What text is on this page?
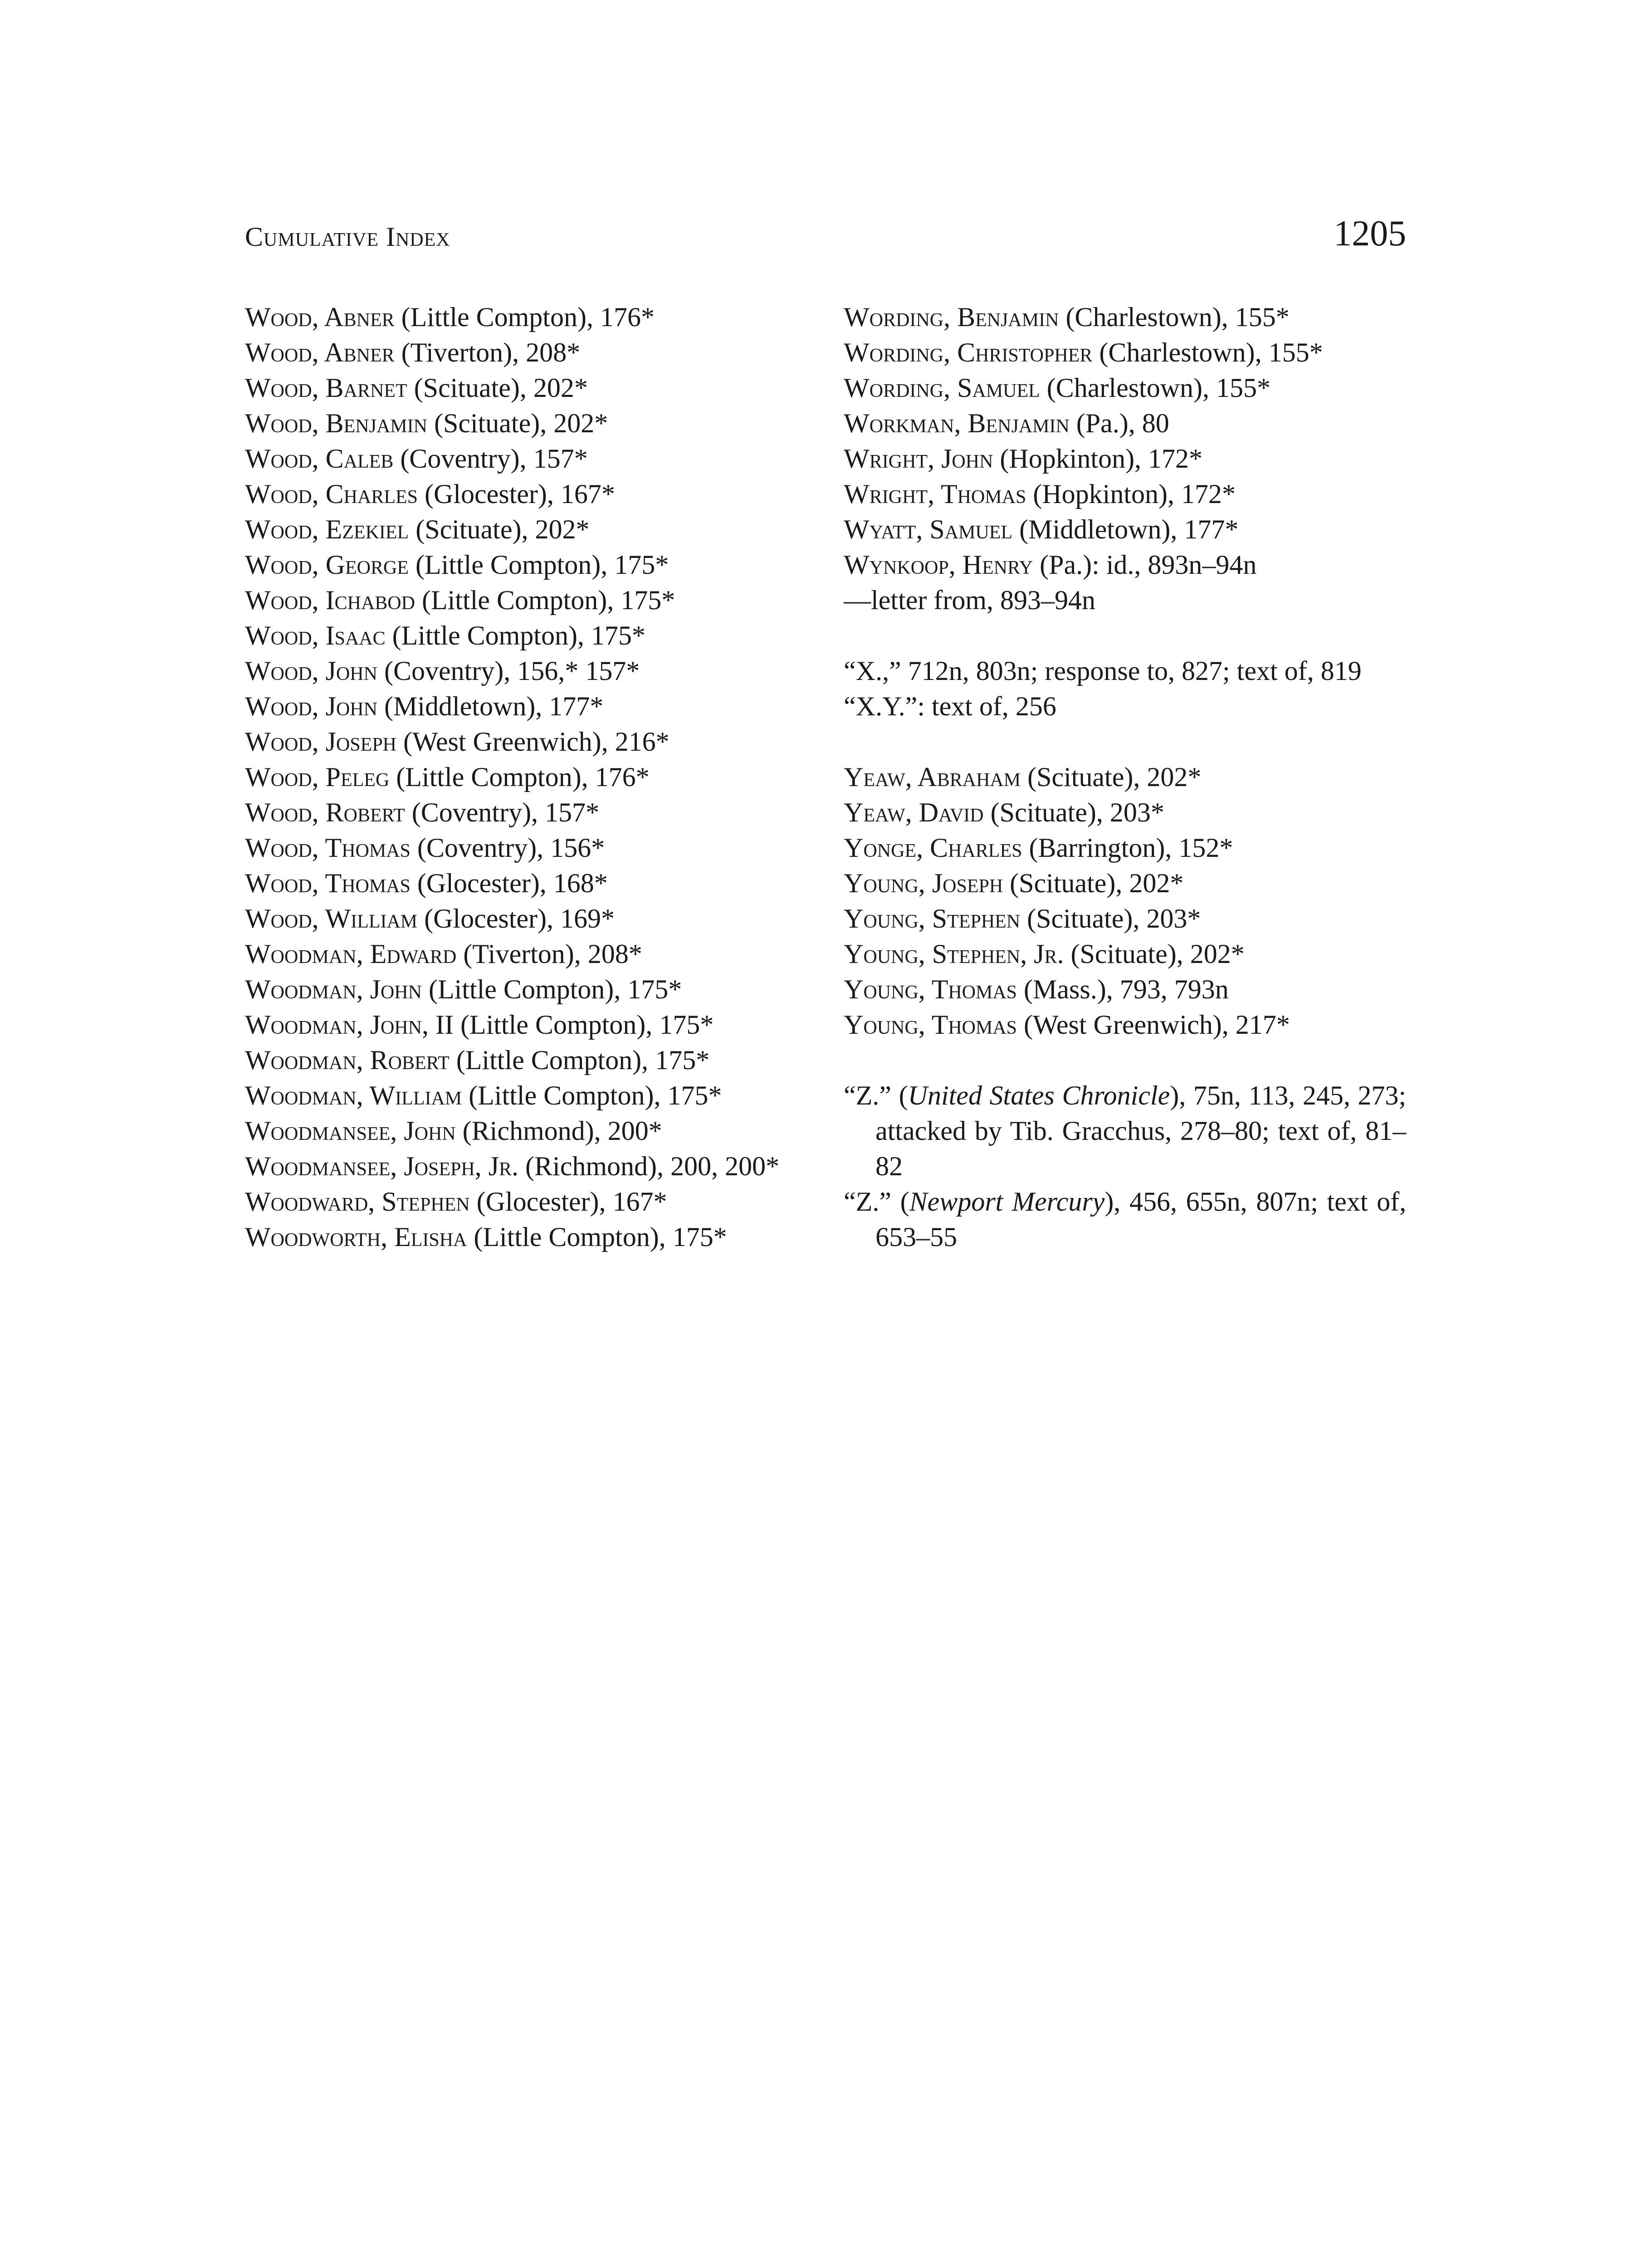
Cumulative Index	1205

Wood, Abner (Little Compton), 176*

Wood, Abner (Tiverton), 208*

Wood, Barnet (Scituate), 202*

Wood, Benjamin (Scituate), 202*

Wood, Caleb (Coventry), 157*

Wood, Charles (Glocester), 167*

Wood, Ezekiel (Scituate), 202*

Wood, George (Little Compton), 175*

Wood, Ichabod (Little Compton), 175*

Wood, Isaac (Little Compton), 175*

Wood, John (Coventry), 156,* 157*

Wood, John (Middletown), 177*

Wood, Joseph (West Greenwich), 216*

Wood, Peleg (Little Compton), 176*

Wood, Robert (Coventry), 157*

Wood, Thomas (Coventry), 156*

Wood, Thomas (Glocester), 168*

Wood, William (Glocester), 169*

Woodman, Edward (Tiverton), 208*

Woodman, John (Little Compton), 175*

Woodman, John, II (Little Compton), 175*

Woodman, Robert (Little Compton), 175*

Woodman, William (Little Compton), 175*

Woodmansee, John (Richmond), 200*

Woodmansee, Joseph, Jr. (Richmond), 200, 200*

Woodward, Stephen (Glocester), 167*

Woodworth, Elisha (Little Compton), 175*

Wording, Benjamin (Charlestown), 155*

Wording, Christopher (Charlestown), 155*

Wording, Samuel (Charlestown), 155*

Workman, Benjamin (Pa.), 80

Wright, John (Hopkinton), 172*

Wright, Thomas (Hopkinton), 172*

Wyatt, Samuel (Middletown), 177*

Wynkoop, Henry (Pa.): id., 893n–94n

—letter from, 893–94n

“X.,” 712n, 803n; response to, 827; text of, 819

“X.Y.”: text of, 256

Yeaw, Abraham (Scituate), 202*

Yeaw, David (Scituate), 203*

Yonge, Charles (Barrington), 152*

Young, Joseph (Scituate), 202*

Young, Stephen (Scituate), 203*

Young, Stephen, Jr. (Scituate), 202*

Young, Thomas (Mass.), 793, 793n

Young, Thomas (West Greenwich), 217*

“Z.” (United States Chronicle), 75n, 113, 245, 273; attacked by Tib. Gracchus, 278–80; text of, 81–82

“Z.” (Newport Mercury), 456, 655n, 807n; text of, 653–55
